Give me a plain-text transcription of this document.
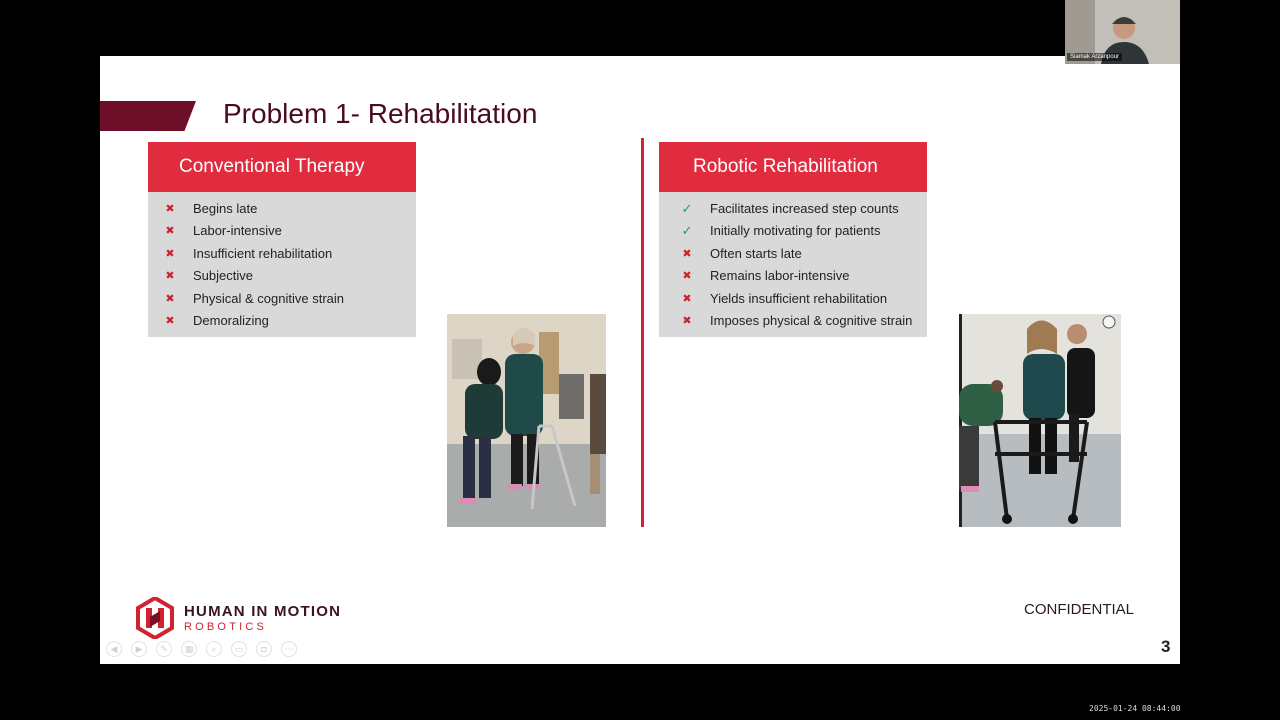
Problem 1- Rehabilitation
Conventional Therapy
✖ Begins late
✖ Labor-intensive
✖ Insufficient rehabilitation
✖ Subjective
✖ Physical & cognitive strain
✖ Demoralizing
Robotic Rehabilitation
✓ Facilitates increased step counts
✓ Initially motivating for patients
✖ Often starts late
✖ Remains labor-intensive
✖ Yields insufficient rehabilitation
✖ Imposes physical & cognitive strain
◀	▶	✎	▦	⌕	▭	◘	⋯
HUMAN IN MOTION
ROBOTICS
CONFIDENTIAL
3
Siamak Arzanpour
2025-01-24 08:44:00
